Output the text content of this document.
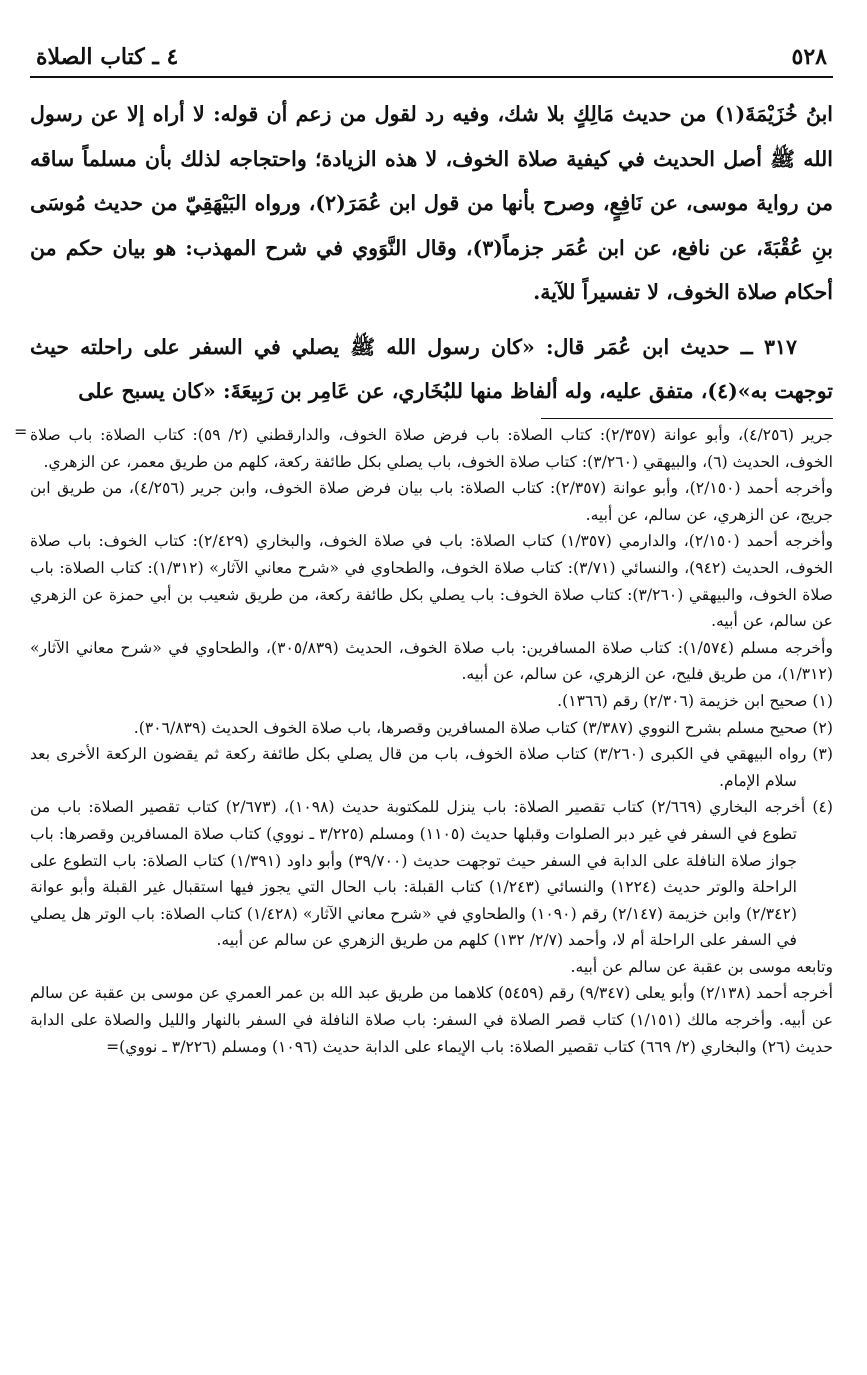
٥٢٨
٤ ـ كتاب الصلاة

ابنُ خُزَيْمَةَ(١) من حديث مَالِكٍ بلا شك، وفيه رد لقول من زعم أن قوله: لا أراه إلا عن رسول الله ﷺ أصل الحديث في كيفية صلاة الخوف، لا هذه الزيادة؛ واحتجاجه لذلك بأن مسلماً ساقه من رواية موسى، عن نَافِعٍ، وصرح بأنها من قول ابن عُمَرَ(٢)، ورواه البَيْهَقِيّ من حديث مُوسَى بنِ عُقْبَةَ، عن نافع، عن ابن عُمَر جزماً(٣)، وقال النَّوَوي في شرح المهذب: هو بيان حكم من أحكام صلاة الخوف، لا تفسيراً للآية.

٣١٧ ــ حديث ابن عُمَر قال: «كان رسول الله ﷺ يصلي في السفر على راحلته حيث توجهت به»(٤)، متفق عليه، وله ألفاظ منها للبُخَاري، عن عَامِر بن رَبِيعَةَ: «كان يسبح على

= جرير (٤/٢٥٦)، وأبو عوانة (٢/٣٥٧): كتاب الصلاة: باب فرض صلاة الخوف، والدارقطني (٢/ ٥٩): كتاب الصلاة: باب صلاة الخوف، الحديث (٦)، والبيهقي (٣/٢٦٠): كتاب صلاة الخوف، باب يصلي بكل طائفة ركعة، كلهم من طريق معمر، عن الزهري.

وأخرجه أحمد (٢/١٥٠)، وأبو عوانة (٢/٣٥٧): كتاب الصلاة: باب بيان فرض صلاة الخوف، وابن جرير (٤/٢٥٦)، من طريق ابن جريج، عن الزهري، عن سالم، عن أبيه.

وأخرجه أحمد (٢/١٥٠)، والدارمي (١/٣٥٧) كتاب الصلاة: باب في صلاة الخوف، والبخاري (٢/٤٢٩): كتاب الخوف: باب صلاة الخوف، الحديث (٩٤٢)، والنسائي (٣/٧١): كتاب صلاة الخوف، والطحاوي في «شرح معاني الآثار» (١/٣١٢): كتاب الصلاة: باب صلاة الخوف، والبيهقي (٣/٢٦٠): كتاب صلاة الخوف: باب يصلي بكل طائفة ركعة، من طريق شعيب بن أبي حمزة عن الزهري عن سالم، عن أبيه.

وأخرجه مسلم (١/٥٧٤): كتاب صلاة المسافرين: باب صلاة الخوف، الحديث (٣٠٥/٨٣٩)، والطحاوي في «شرح معاني الآثار» (١/٣١٢)، من طريق فليح، عن الزهري، عن سالم، عن أبيه.

(١) صحيح ابن خزيمة (٢/٣٠٦) رقم (١٣٦٦).

(٢) صحيح مسلم بشرح النووي (٣/٣٨٧) كتاب صلاة المسافرين وقصرها، باب صلاة الخوف الحديث (٣٠٦/٨٣٩).

(٣) رواه البيهقي في الكبرى (٣/٢٦٠) كتاب صلاة الخوف، باب من قال يصلي بكل طائفة ركعة ثم يقضون الركعة الأخرى بعد سلام الإمام.

(٤) أخرجه البخاري (٢/٦٦٩) كتاب تقصير الصلاة: باب ينزل للمكتوبة حديث (١٠٩٨)، (٢/٦٧٣) كتاب تقصير الصلاة: باب من تطوع في السفر في غير دبر الصلوات وقبلها حديث (١١٠٥) ومسلم (٣/٢٢٥ ـ نووي) كتاب صلاة المسافرين وقصرها: باب جواز صلاة النافلة على الدابة في السفر حيث توجهت حديث (٣٩/٧٠٠) وأبو داود (١/٣٩١) كتاب الصلاة: باب التطوع على الراحلة والوتر حديث (١٢٢٤) والنسائي (١/٢٤٣) كتاب القبلة: باب الحال التي يجوز فيها استقبال غير القبلة وأبو عوانة (٢/٣٤٢) وابن خزيمة (٢/١٤٧) رقم (١٠٩٠) والطحاوي في «شرح معاني الآثار» (١/٤٢٨) كتاب الصلاة: باب الوتر هل يصلي في السفر على الراحلة أم لا، وأحمد (٢/٧/ ١٣٢) كلهم من طريق الزهري عن سالم عن أبيه.

وتابعه موسى بن عقبة عن سالم عن أبيه.

أخرجه أحمد (٢/١٣٨) وأبو يعلى (٩/٣٤٧) رقم (٥٤٥٩) كلاهما من طريق عبد الله بن عمر العمري عن موسى بن عقبة عن سالم عن أبيه. وأخرجه مالك (١/١٥١) كتاب قصر الصلاة في السفر: باب صلاة النافلة في السفر بالنهار والليل والصلاة على الدابة حديث (٢٦) والبخاري (٢/ ٦٦٩) كتاب تقصير الصلاة: باب الإيماء على الدابة حديث (١٠٩٦) ومسلم (٣/٢٢٦ ـ نووي)=
